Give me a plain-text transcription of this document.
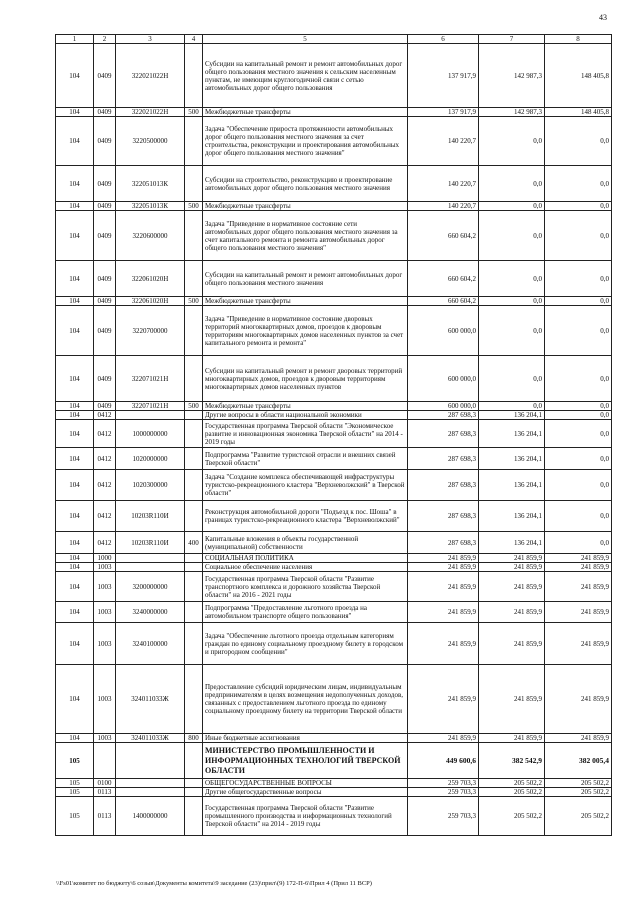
43
1	2	3	4	5	6	7	8
104	0409	322021022Н		Субсидии на капитальный ремонт и ремонт автомобильных дорог общего пользования местного значения к сельским населенным пунктам, не имеющим круглогодичной связи с сетью автомобильных дорог общего пользования	137 917,9	142 987,3	148 405,8
104	0409	322021022Н	500	Межбюджетные трансферты	137 917,9	142 987,3	148 405,8
104	0409	3220500000		Задача "Обеспечение прироста протяженности автомобильных дорог общего пользования местного значения за счет строительства, реконструкции и проектирования автомобильных дорог общего пользования местного значения"	140 220,7	0,0	0,0
104	0409	322051013К		Субсидии на строительство, реконструкцию и проектирование автомобильных дорог общего пользования местного значения	140 220,7	0,0	0,0
104	0409	322051013К	500	Межбюджетные трансферты	140 220,7	0,0	0,0
104	0409	3220600000		Задача "Приведение в нормативное состояние сети автомобильных дорог общего пользования местного значения за счет капитального ремонта и ремонта автомобильных дорог общего пользования местного значения"	660 604,2	0,0	0,0
104	0409	322061020Н		Субсидии на капитальный ремонт и ремонт автомобильных дорог общего пользования местного значения	660 604,2	0,0	0,0
104	0409	322061020Н	500	Межбюджетные трансферты	660 604,2	0,0	0,0
104	0409	3220700000		Задача "Приведение в нормативное состояние дворовых территорий многоквартирных домов, проездов к дворовым территориям многоквартирных домов населенных пунктов за счет капитального ремонта и ремонта"	600 000,0	0,0	0,0
104	0409	322071021Н		Субсидии на капитальный ремонт и ремонт дворовых территорий многоквартирных домов, проездов к дворовым территориям многоквартирных домов населенных пунктов	600 000,0	0,0	0,0
104	0409	322071021Н	500	Межбюджетные трансферты	600 000,0	0,0	0,0
104	0412			Другие вопросы в области национальной экономики	287 698,3	136 204,1	0,0
104	0412	1000000000		Государственная программа Тверской области "Экономическое развитие и инновационная экономика Тверской области" на 2014 - 2019 годы	287 698,3	136 204,1	0,0
104	0412	1020000000		Подпрограмма "Развитие туристской отрасли и внешних связей Тверской области"	287 698,3	136 204,1	0,0
104	0412	1020300000		Задача "Создание комплекса обеспечивающей инфраструктуры туристско-рекреационного кластера "Верхневолжский" в Тверской области"	287 698,3	136 204,1	0,0
104	0412	10203R110И		Реконструкция автомобильной дороги "Подъезд к пос. Шоша" в границах туристско-рекреационного кластера "Верхневолжский"	287 698,3	136 204,1	0,0
104	0412	10203R110И	400	Капитальные вложения в объекты государственной (муниципальной) собственности	287 698,3	136 204,1	0,0
104	1000			СОЦИАЛЬНАЯ ПОЛИТИКА	241 859,9	241 859,9	241 859,9
104	1003			Социальное обеспечение населения	241 859,9	241 859,9	241 859,9
104	1003	3200000000		Государственная программа Тверской области "Развитие транспортного комплекса и дорожного хозяйства Тверской области" на 2016 - 2021 годы	241 859,9	241 859,9	241 859,9
104	1003	3240000000		Подпрограмма "Предоставление льготного проезда на автомобильном транспорте общего пользования"	241 859,9	241 859,9	241 859,9
104	1003	3240100000		Задача "Обеспечение льготного проезда отдельным категориям граждан по единому социальному проездному билету в городском и пригородном сообщении"	241 859,9	241 859,9	241 859,9
104	1003	324011033Ж		Предоставление субсидий юридическим лицам, индивидуальным предпринимателям в целях возмещения недополученных доходов, связанных с предоставлением льготного проезда по единому социальному проездному билету на территории Тверской области	241 859,9	241 859,9	241 859,9
104	1003	324011033Ж	800	Иные бюджетные ассигнования	241 859,9	241 859,9	241 859,9
105				МИНИСТЕРСТВО ПРОМЫШЛЕННОСТИ И ИНФОРМАЦИОННЫХ ТЕХНОЛОГИЙ ТВЕРСКОЙ ОБЛАСТИ	449 600,6	382 542,9	382 005,4
105	0100			ОБЩЕГОСУДАРСТВЕННЫЕ ВОПРОСЫ	259 703,3	205 502,2	205 502,2
105	0113			Другие общегосударственные вопросы	259 703,3	205 502,2	205 502,2
105	0113	1400000000		Государственная программа Тверской области "Развитие промышленного производства и информационных технологий Тверской области" на 2014 - 2019 годы	259 703,3	205 502,2	205 502,2
\\Fs01\комитет по бюджету\6 созыв\Документы комитета\9 заседание (23)\прил\(9) 172-П-6\Прил 4 (Прил 11 ВСР)
